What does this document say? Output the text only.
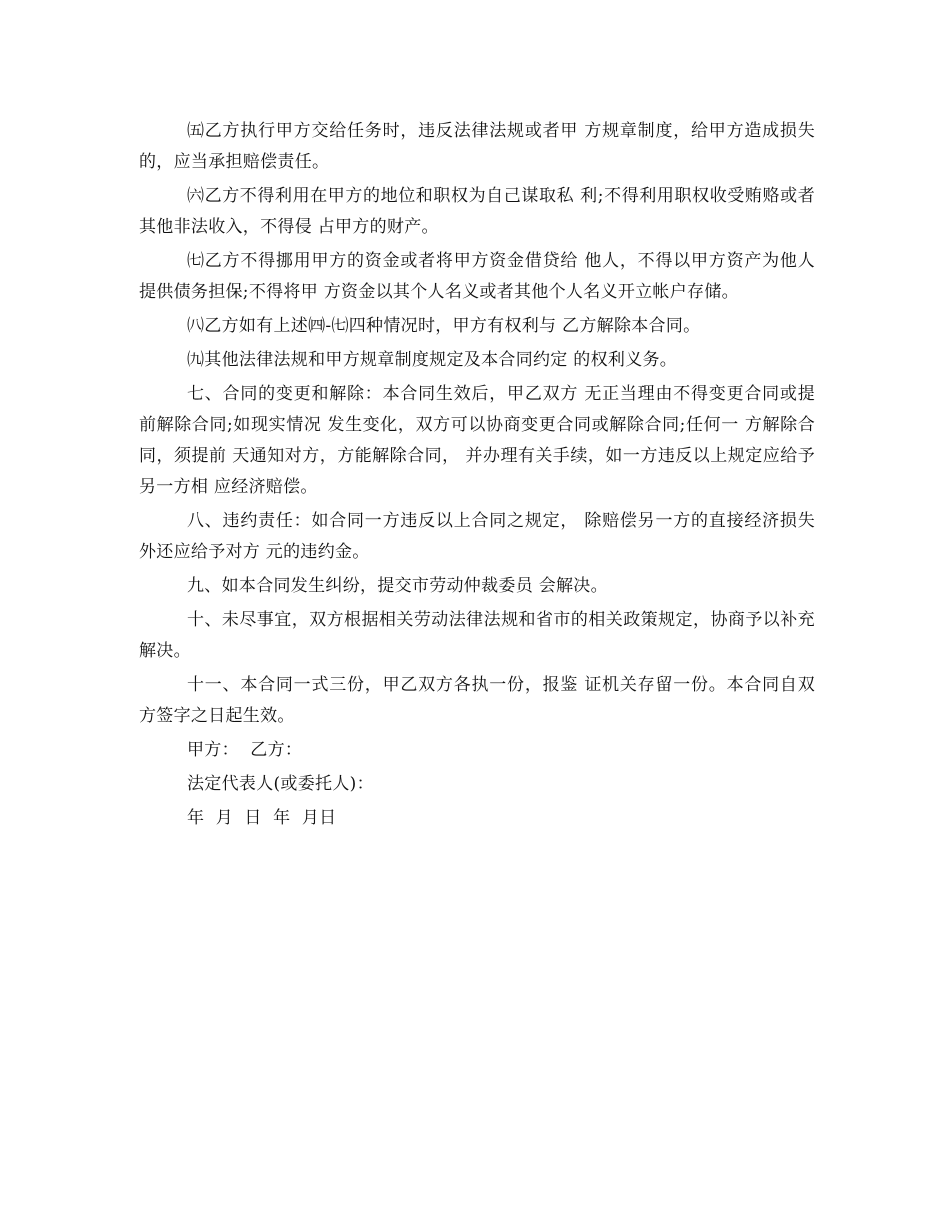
㈤乙方执行甲方交给任务时，违反法律法规或者甲 方规章制度，给甲方造成损失的，应当承担赔偿责任。

㈥乙方不得利用在甲方的地位和职权为自己谋取私 利;不得利用职权收受贿赂或者其他非法收入，不得侵 占甲方的财产。

㈦乙方不得挪用甲方的资金或者将甲方资金借贷给 他人，不得以甲方资产为他人提供债务担保;不得将甲 方资金以其个人名义或者其他个人名义开立帐户存储。

㈧乙方如有上述㈣-㈦四种情况时，甲方有权利与 乙方解除本合同。

㈨其他法律法规和甲方规章制度规定及本合同约定 的权利义务。

七、合同的变更和解除：本合同生效后，甲乙双方 无正当理由不得变更合同或提前解除合同;如现实情况 发生变化，双方可以协商变更合同或解除合同;任何一 方解除合同，须提前 天通知对方，方能解除合同， 并办理有关手续，如一方违反以上规定应给予另一方相 应经济赔偿。

八、违约责任：如合同一方违反以上合同之规定， 除赔偿另一方的直接经济损失外还应给予对方 元的违约金。

九、如本合同发生纠纷，提交市劳动仲裁委员 会解决。

十、未尽事宜，双方根据相关劳动法律法规和省市的相关政策规定，协商予以补充解决。

十一、本合同一式三份，甲乙双方各执一份，报鉴 证机关存留一份。本合同自双方签字之日起生效。

甲方：  乙方：

法定代表人(或委托人)：

年  月  日  年  月日
